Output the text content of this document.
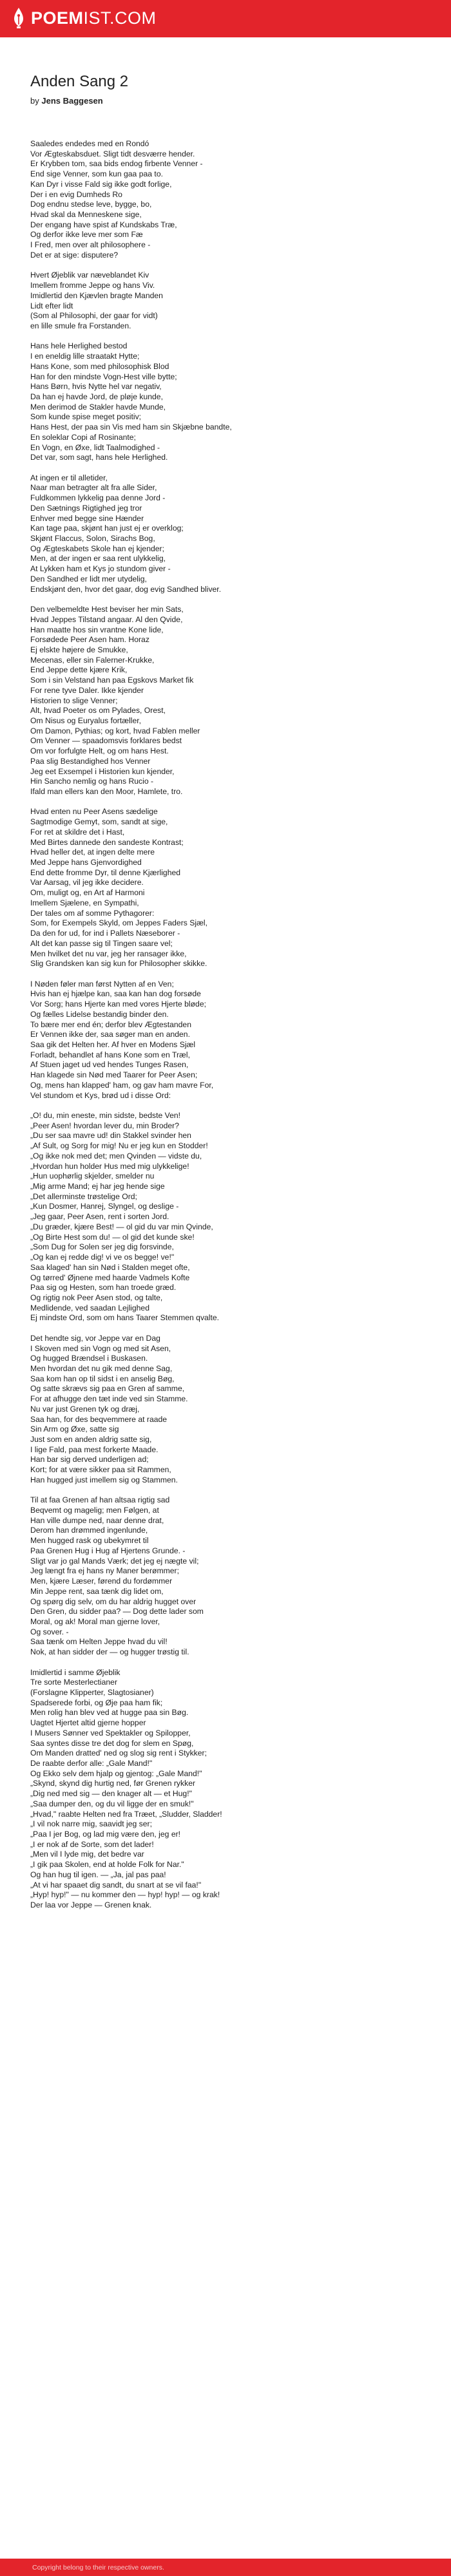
POEMIST.COM
Anden Sang 2
by Jens Baggesen
Saaledes endedes med en Rondó
Vor Ægteskabsduet. Sligt tidt desværre hender.
Er Krybben tom, saa bids endog firbente Venner -
End sige Venner, som kun gaa paa to.
Kan Dyr i visse Fald sig ikke godt forlige,
Der i en evig Dumheds Ro
Dog endnu stedse leve, bygge, bo,
Hvad skal da Menneskene sige,
Der engang have spist af Kundskabs Træ,
Og derfor ikke leve mer som Fæ
I Fred, men over alt philosophere -
Det er at sige: disputere?
Hvert Øjeblik var næveblandet Kiv
Imellem fromme Jeppe og hans Viv.
Imidlertid den Kjævlen bragte Manden
Lidt efter lidt
(Som al Philosophi, der gaar for vidt)
en lille smule fra Forstanden.
Hans hele Herlighed bestod
I en eneldig lille straatakt Hytte;
Hans Kone, som med philosophisk Blod
Han for den mindste Vogn-Hest ville bytte;
Hans Børn, hvis Nytte hel var negativ,
Da han ej havde Jord, de pløje kunde,
Men derimod de Stakler havde Munde,
Som kunde spise meget positiv;
Hans Hest, der paa sin Vis med ham sin Skjæbne bandte,
En soleklar Copi af Rosinante;
En Vogn, en Øxe, lidt Taalmodighed -
Det var, som sagt, hans hele Herlighed.
At ingen er til alletider,
Naar man betragter alt fra alle Sider,
Fuldkommen lykkelig paa denne Jord -
Den Sætnings Rigtighed jeg tror
Enhver med begge sine Hænder
Kan tage paa, skjønt han just ej er overklog;
Skjønt Flaccus, Solon, Sirachs Bog,
Og Ægteskabets Skole han ej kjender;
Men, at der ingen er saa rent ulykkelig,
At Lykken ham et Kys jo stundom giver -
Den Sandhed er lidt mer utydelig,
Endskjønt den, hvor det gaar, dog evig Sandhed bliver.
Den velbemeldte Hest beviser her min Sats,
Hvad Jeppes Tilstand angaar. Al den Qvide,
Han maatte hos sin vrantne Kone lide,
Forsødede Peer Asen ham. Horaz
Ej elskte højere de Smukke,
Mecenas, eller sin Falerner-Krukke,
End Jeppe dette kjære Krik,
Som i sin Velstand han paa Egskovs Market fik
For rene tyve Daler. Ikke kjender
Historien to slige Venner;
Alt, hvad Poeter os om Pylades, Orest,
Om Nisus og Euryalus fortæller,
Om Damon, Pythias; og kort, hvad Fablen meller
Om Venner — spaadomsvis forklares bedst
Om vor forfulgte Helt, og om hans Hest.
Paa slig Bestandighed hos Venner
Jeg eet Exsempel i Historien kun kjender,
Hin Sancho nemlig og hans Rucio -
Ifald man ellers kan den Moor, Hamlete, tro.
Hvad enten nu Peer Asens sædelige
Sagtmodige Gemyt, som, sandt at sige,
For ret at skildre det i Hast,
Med Birtes dannede den sandeste Kontrast;
Hvad heller det, at ingen delte mere
Med Jeppe hans Gjenvordighed
End dette fromme Dyr, til denne Kjærlighed
Var Aarsag, vil jeg ikke decidere.
Om, muligt og, en Art af Harmoni
Imellem Sjælene, en Sympathi,
Der tales om af somme Pythagorer:
Som, for Exempels Skyld, om Jeppes Faders Sjæl,
Da den for ud, for ind i Pallets Næseborer -
Alt det kan passe sig til Tingen saare vel;
Men hvilket det nu var, jeg her ransager ikke,
Slig Grandsken kan sig kun for Philosopher skikke.
I Nøden føler man først Nytten af en Ven;
Hvis han ej hjælpe kan, saa kan han dog forsøde
Vor Sorg; hans Hjerte kan med vores Hjerte bløde;
Og fælles Lidelse bestandig binder den.
To bære mer end én; derfor blev Ægtestanden
Er Vennen ikke der, saa søger man en anden.
Saa gik det Helten her. Af hver en Modens Sjæl
Forladt, behandlet af hans Kone som en Træl,
Af Stuen jaget ud ved hendes Tunges Rasen,
Han klagede sin Nød med Taarer for Peer Asen;
Og, mens han klapped' ham, og gav ham mavre For,
Vel stundom et Kys, brød ud i disse Ord:
„O! du, min eneste, min sidste, bedste Ven!
„Peer Asen! hvordan lever du, min Broder?
„Du ser saa mavre ud! din Stakkel svinder hen
„Af Sult, og Sorg for mig! Nu er jeg kun en Stodder!
„Og ikke nok med det; men Qvinden — vidste du,
„Hvordan hun holder Hus med mig ulykkelige!
„Hun uophørlig skjelder, smelder nu
„Mig arme Mand; ej har jeg hende sige
„Det allerminste trøstelige Ord;
„Kun Dosmer, Hanrej, Slyngel, og deslige -
„Jeg gaar, Peer Asen, rent i sorten Jord.
„Du græder, kjære Best! — ol gid du var min Qvinde,
„Og Birte Hest som du! — ol gid det kunde ske!
„Som Dug for Solen ser jeg dig forsvinde,
„Og kan ej redde dig! vi ve os begge! ve!"
Saa klaged' han sin Nød i Stalden meget ofte,
Og tørred' Øjnene med haarde Vadmels Kofte
Paa sig og Hesten, som han troede græd.
Og rigtig nok Peer Asen stod, og talte,
Medlidende, ved saadan Lejlighed
Ej mindste Ord, som om hans Taarer Stemmen qvalte.
Det hendte sig, vor Jeppe var en Dag
I Skoven med sin Vogn og med sit Asen,
Og hugged Brændsel i Buskasen.
Men hvordan det nu gik med denne Sag,
Saa kom han op til sidst i en anselig Bøg,
Og satte skrævs sig paa en Gren af samme,
For at afhugge den tæt inde ved sin Stamme.
Nu var just Grenen tyk og dræj,
Saa han, for des beqvemmere at raade
Sin Arm og Øxe, satte sig
Just som en anden aldrig satte sig,
I lige Fald, paa mest forkerte Maade.
Han bar sig derved underligen ad;
Kort; for at være sikker paa sit Rammen,
Han hugged just imellem sig og Stammen.
Til at faa Grenen af han altsaa rigtig sad
Beqvemt og magelig; men Følgen, at
Han ville dumpe ned, naar denne drat,
Derom han drømmed ingenlunde,
Men hugged rask og ubekymret til
Paa Grenen Hug i Hug af Hjertens Grunde. -
Sligt var jo gal Mands Værk; det jeg ej nægte vil;
Jeg længt fra ej hans ny Maner berømmer;
Men, kjære Læser, førend du fordømmer
Min Jeppe rent, saa tænk dig lidet om,
Og spørg dig selv, om du har aldrig hugget over
Den Gren, du sidder paa? — Dog dette lader som
Moral, og ak! Moral man gjerne lover,
Og sover. -
Saa tænk om Helten Jeppe hvad du vil!
Nok, at han sidder der — og hugger trøstig til.
Imidlertid i samme Øjeblik
Tre sorte Mesterlectianer
(Forslagne Klipperter, Slagtosianer)
Spadserede forbi, og Øje paa ham fik;
Men rolig han blev ved at hugge paa sin Bøg.
Uagtet Hjertet altid gjerne hopper
I Musers Sønner ved Spektakler og Spilopper,
Saa syntes disse tre det dog for slem en Spøg,
Om Manden dratted' ned og slog sig rent i Stykker;
De raabte derfor alle: „Gale Mand!"
Og Ekko selv dem hjalp og gjentog: „Gale Mand!"
„Skynd, skynd dig hurtig ned, før Grenen rykker
„Dig ned med sig — den knager alt — et Hug!"
„Saa dumper den, og du vil ligge der en smuk!"
„Hvad," raabte Helten ned fra Træet, „Sludder, Sladder!
„I vil nok narre mig, saavidt jeg ser;
„Paa I jer Bog, og lad mig være den, jeg er!
„I er nok af de Sorte, som det lader!
„Men vil I lyde mig, det bedre var
„I gik paa Skolen, end at holde Folk for Nar."
Og han hug til igen. — „Ja, jal pas paa!
„At vi har spaaet dig sandt, du snart at se vil faa!"
„Hyp! hyp!" — nu kommer den — hyp! hyp! — og krak!
Der laa vor Jeppe — Grenen knak.
Copyright belong to their respective owners.
